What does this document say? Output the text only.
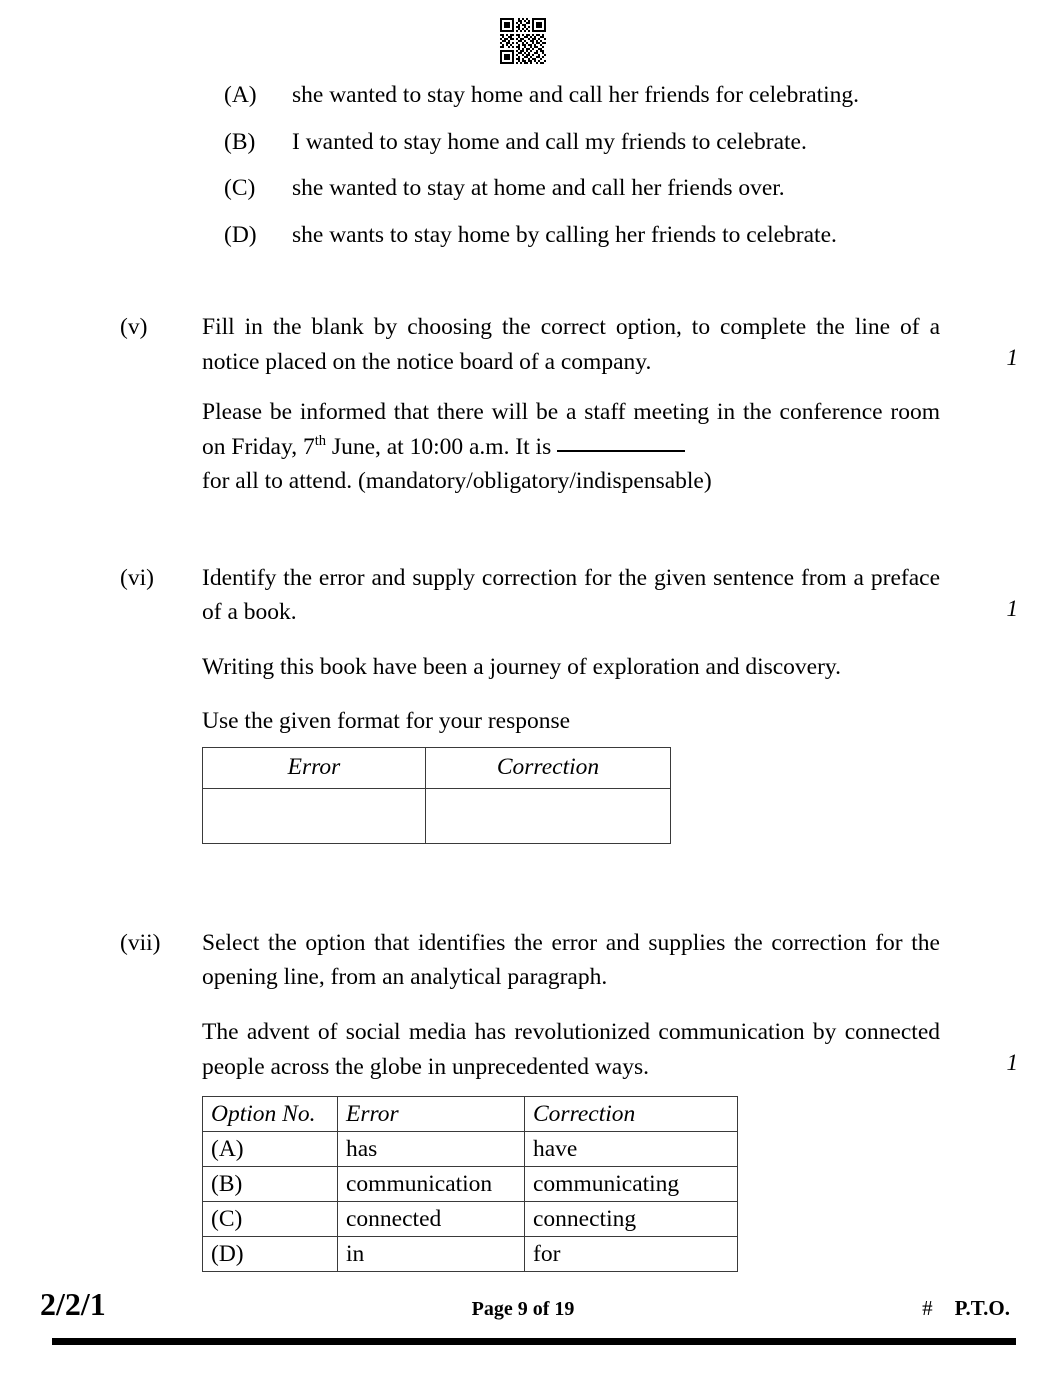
(A) she wanted to stay home and call her friends for celebrating.
(B) I wanted to stay home and call my friends to celebrate.
(C) she wanted to stay at home and call her friends over.
(D) she wants to stay home by calling her friends to celebrate.
(v)
1

Fill in the blank by choosing the correct option, to complete the line of a notice placed on the notice board of a company.

Please be informed that there will be a staff meeting in the conference room on Friday, 7th June, at 10:00 a.m. It is
for all to attend. (mandatory/obligatory/indispensable)

(vi)
1

Identify the error and supply correction for the given sentence from a preface of a book.

Writing this book have been a journey of exploration and discovery.

Use the given format for your response

Error	Correction

(vii)
1

Select the option that identifies the error and supplies the correction for the opening line, from an analytical paragraph.

The advent of social media has revolutionized communication by connected people across the globe in unprecedented ways.

Option No.	Error	Correction
(A)	has	have
(B)	communication	communicating
(C)	connected	connecting
(D)	in	for
2/2/1	Page 9 of 19	# P.T.O.
